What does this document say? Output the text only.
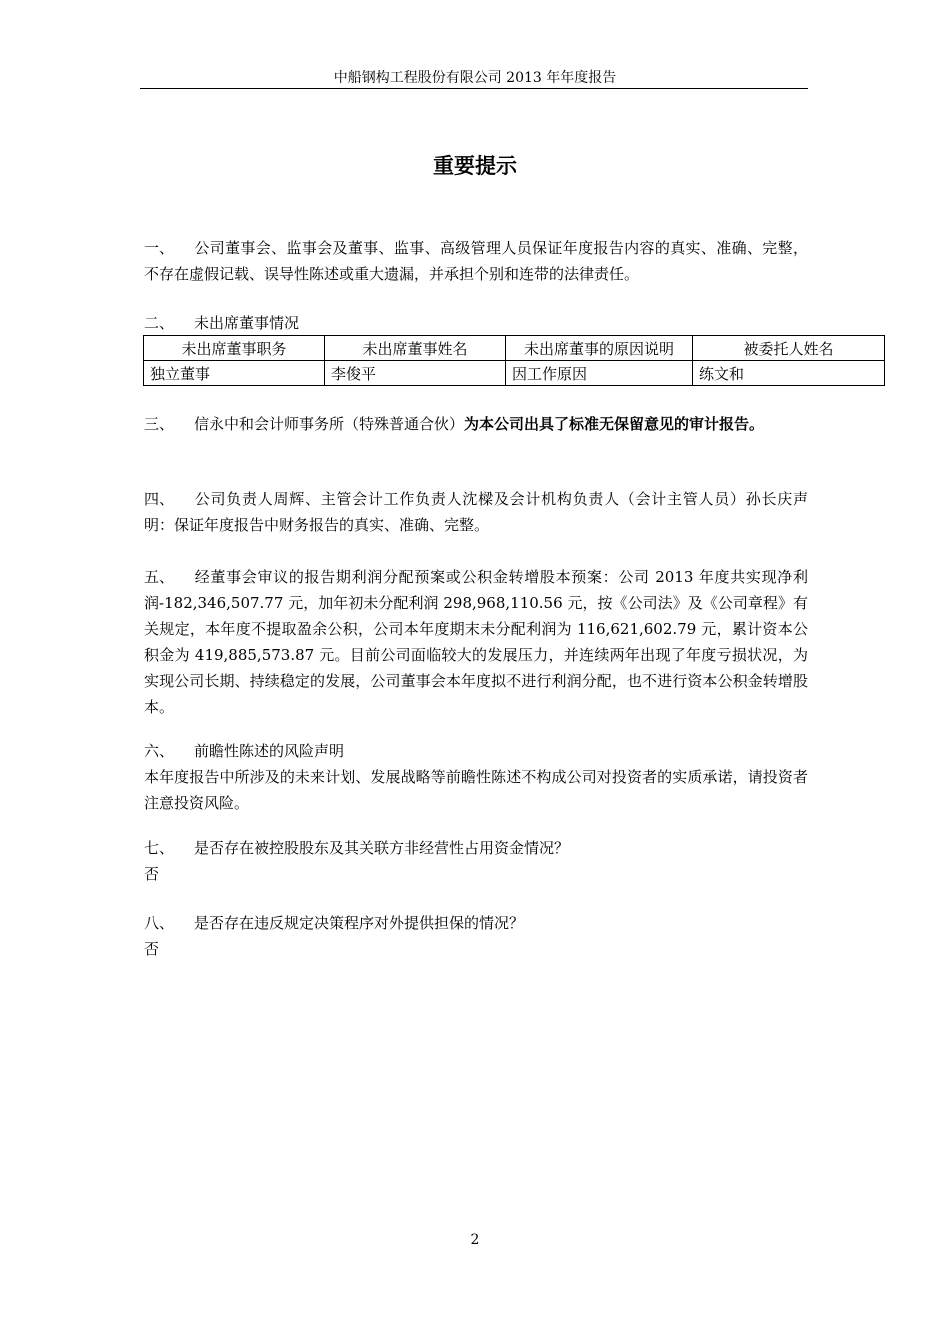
中船钢构工程股份有限公司 2013 年年度报告
重要提示
一、 公司董事会、监事会及董事、监事、高级管理人员保证年度报告内容的真实、准确、完整，不存在虚假记载、误导性陈述或重大遗漏，并承担个别和连带的法律责任。
二、 未出席董事情况
未出席董事职务	未出席董事姓名	未出席董事的原因说明	被委托人姓名
独立董事	李俊平	因工作原因	练文和
三、 信永中和会计师事务所（特殊普通合伙）为本公司出具了标准无保留意见的审计报告。
四、 公司负责人周辉、主管会计工作负责人沈樑及会计机构负责人（会计主管人员）孙长庆声明：保证年度报告中财务报告的真实、准确、完整。
五、 经董事会审议的报告期利润分配预案或公积金转增股本预案：公司 2013 年度共实现净利润-182,346,507.77 元，加年初未分配利润 298,968,110.56 元，按《公司法》及《公司章程》有关规定，本年度不提取盈余公积，公司本年度期末未分配利润为 116,621,602.79 元，累计资本公积金为 419,885,573.87 元。目前公司面临较大的发展压力，并连续两年出现了年度亏损状况，为实现公司长期、持续稳定的发展，公司董事会本年度拟不进行利润分配，也不进行资本公积金转增股本。
六、 前瞻性陈述的风险声明
本年度报告中所涉及的未来计划、发展战略等前瞻性陈述不构成公司对投资者的实质承诺，请投资者注意投资风险。
七、 是否存在被控股股东及其关联方非经营性占用资金情况？
否
八、 是否存在违反规定决策程序对外提供担保的情况？
否
2
